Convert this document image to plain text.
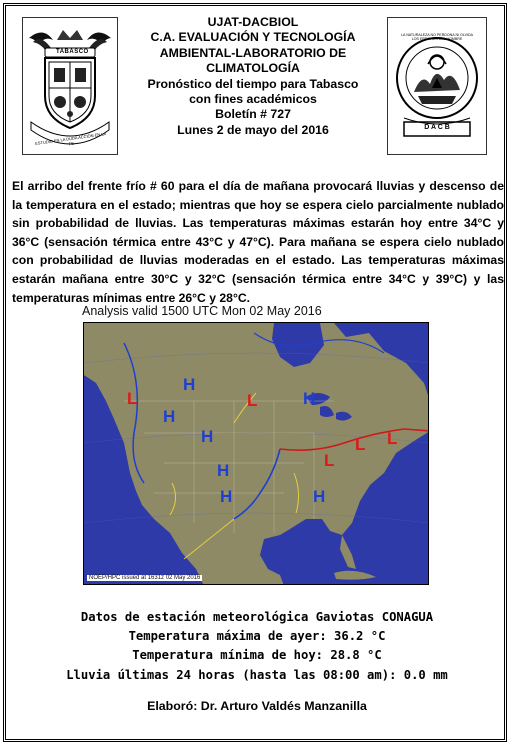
TABASCO
ESTUDIO EN LA DUDA ACCIÓN EN LA FE
LA NATURALEZA NO PERDONA NI OLVIDA LOS ERRORES DEL HOMBRE
D A C B
UJAT-DACBIOL
C.A. EVALUACIÓN Y TECNOLOGÍA
AMBIENTAL-LABORATORIO DE
CLIMATOLOGÍA
Pronóstico del tiempo para Tabasco
con fines académicos
Boletín # 727
Lunes 2 de mayo del 2016
El arribo del frente frío # 60 para el día de mañana provocará lluvias y descenso de la temperatura en el estado; mientras que hoy se espera cielo parcialmente nublado sin probabilidad de lluvias. Las temperaturas máximas estarán hoy entre 34°C y 36°C (sensación térmica entre 43°C y 47°C). Para mañana se espera cielo nublado con probabilidad de lluvias moderadas en el estado. Las temperaturas máximas estarán mañana entre 30°C y 32°C (sensación térmica entre 34°C y 39°C) y las temperaturas mínimas entre 26°C y 28°C.
Analysis valid 1500 UTC Mon 02 May 2016
H
H
H
H
H
H	H
L	L
L
L L
NOEP/HPC issued at 1631z 02 May 2016
Datos de estación meteorológica Gaviotas CONAGUA
Temperatura máxima de ayer: 36.2 °C
Temperatura mínima de hoy: 28.8 °C
Lluvia últimas 24 horas (hasta las 08:00 am): 0.0 mm
Elaboró: Dr. Arturo Valdés Manzanilla
